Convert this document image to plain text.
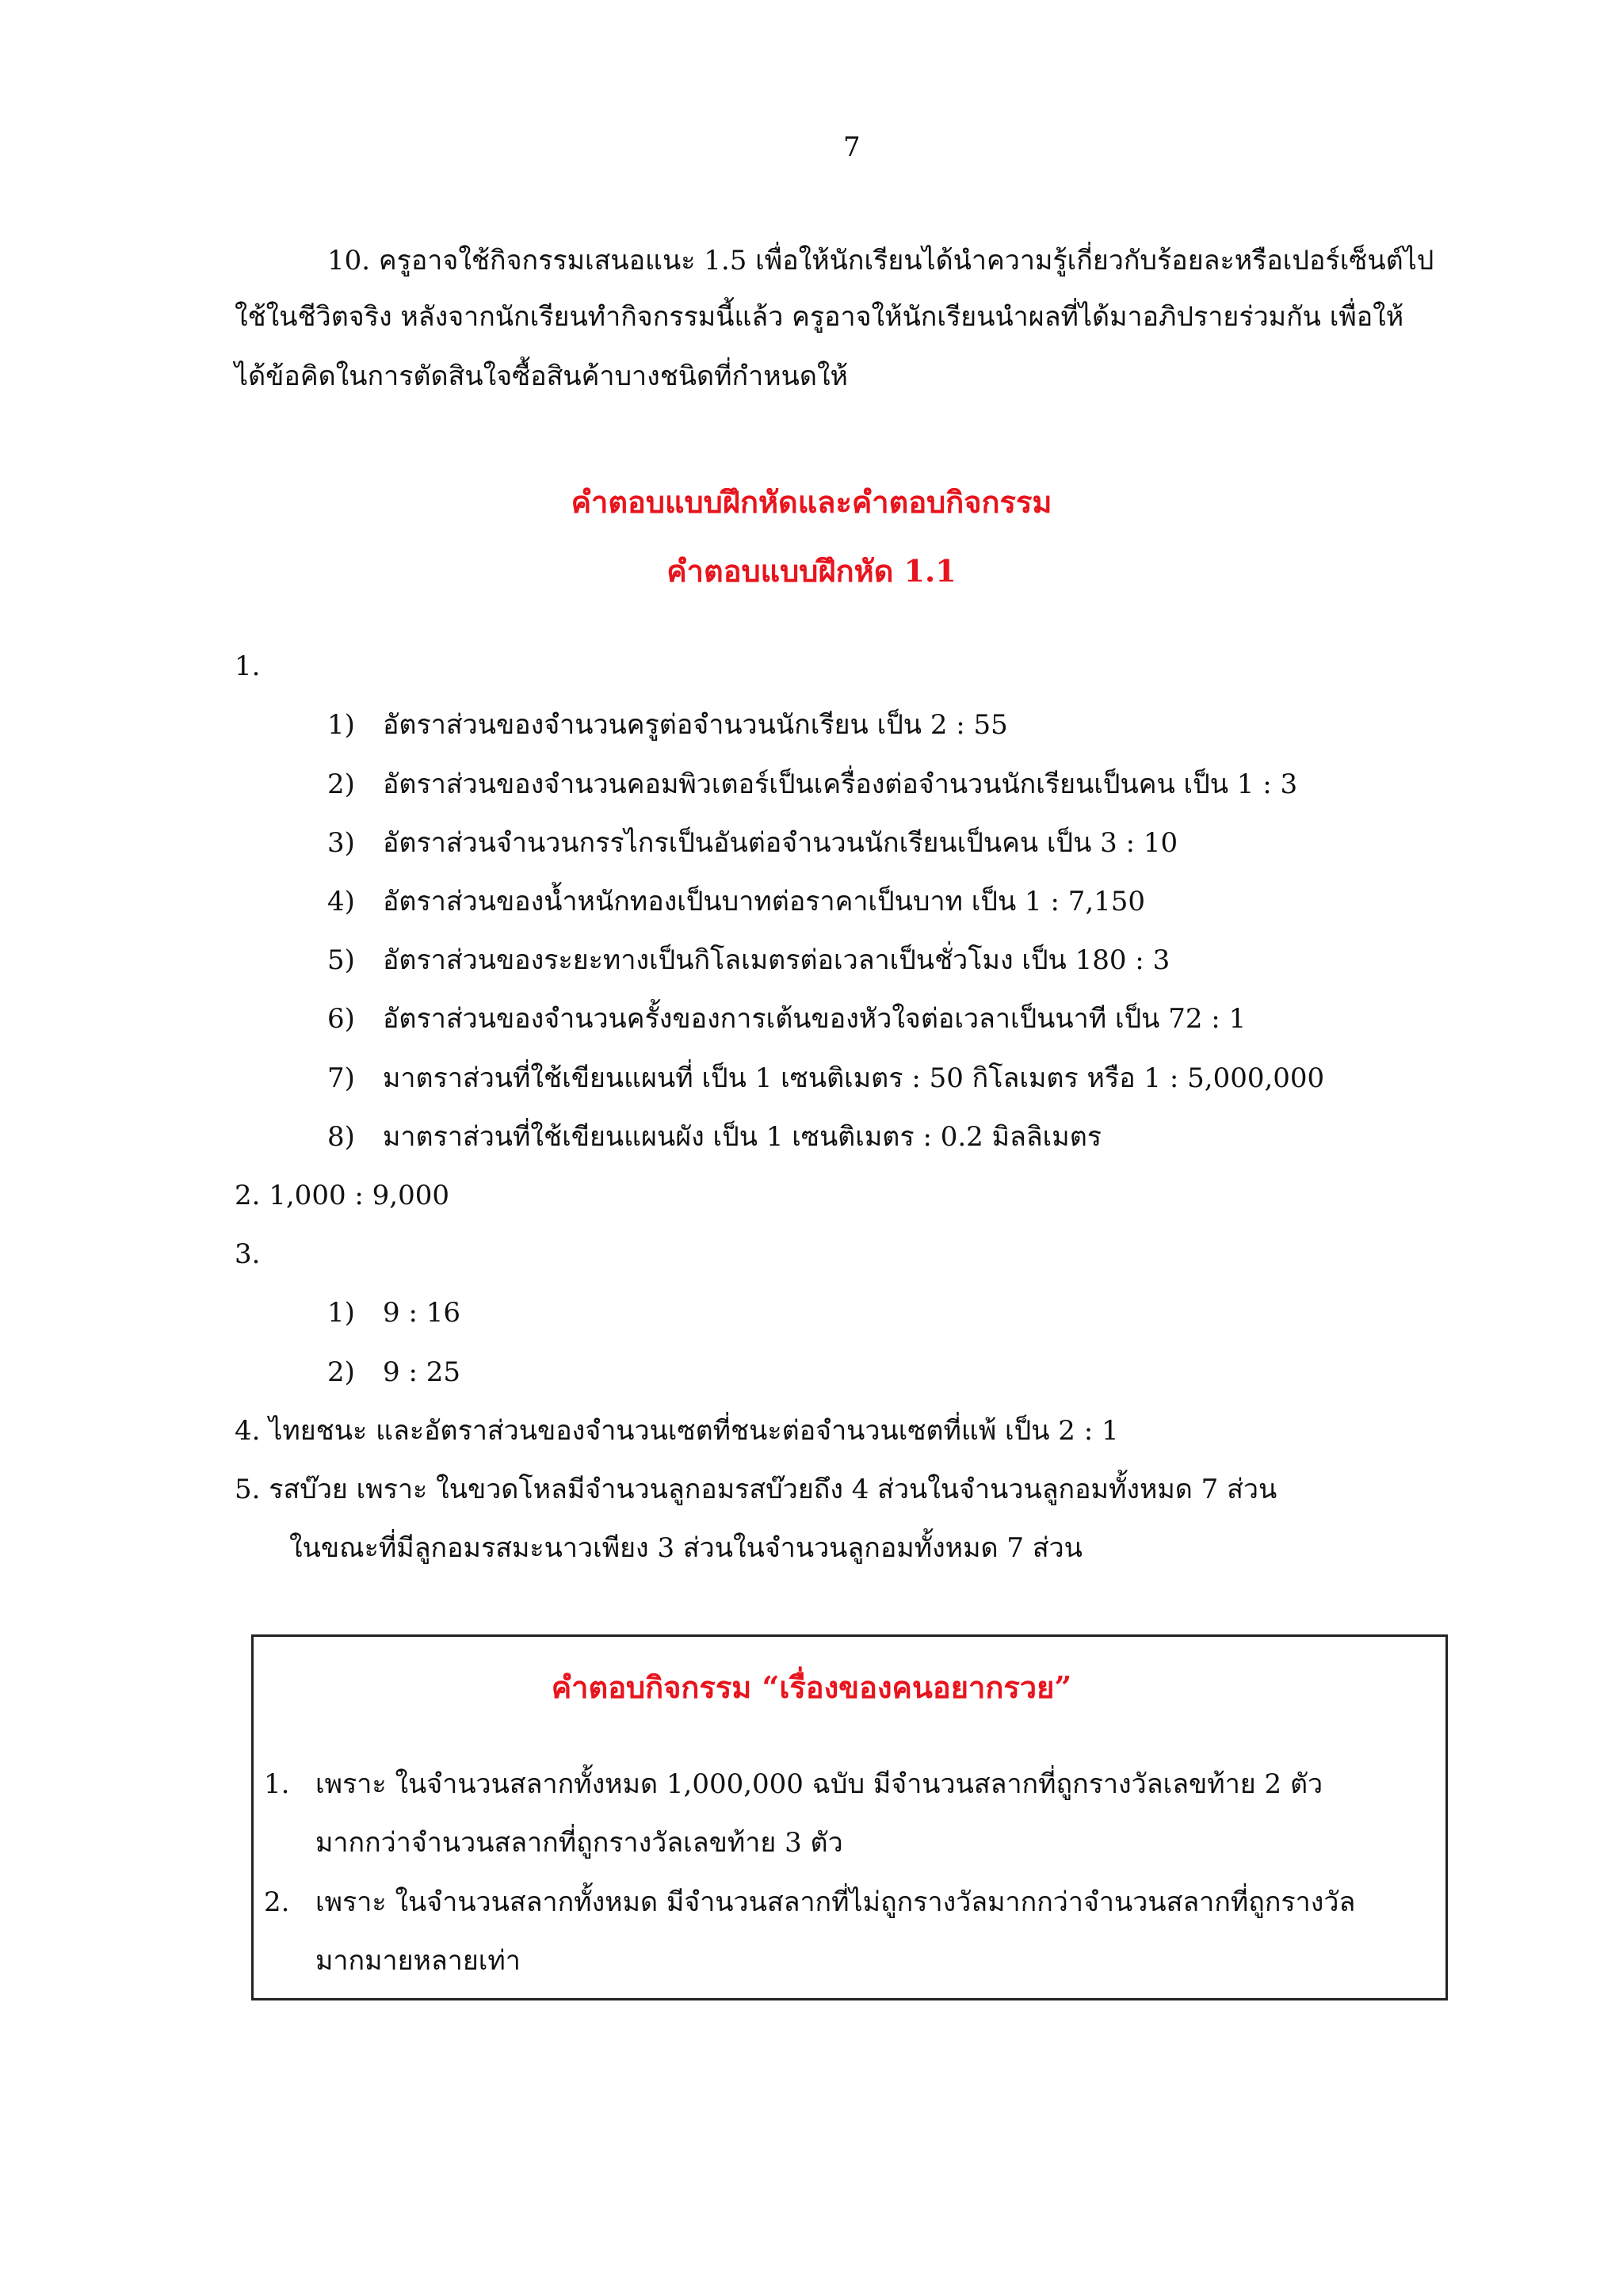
7
10. ครูอาจใช้กิจกรรมเสนอแนะ 1.5 เพื่อให้นักเรียนได้นำความรู้เกี่ยวกับร้อยละหรือเปอร์เซ็นต์ไป
ใช้ในชีวิตจริง หลังจากนักเรียนทำกิจกรรมนี้แล้ว ครูอาจให้นักเรียนนำผลที่ได้มาอภิปรายร่วมกัน เพื่อให้
ได้ข้อคิดในการตัดสินใจซื้อสินค้าบางชนิดที่กำหนดให้
คำตอบแบบฝึกหัดและคำตอบกิจกรรม
คำตอบแบบฝึกหัด 1.1
1.
1) อัตราส่วนของจำนวนครูต่อจำนวนนักเรียน เป็น 2 : 55
2) อัตราส่วนของจำนวนคอมพิวเตอร์เป็นเครื่องต่อจำนวนนักเรียนเป็นคน เป็น 1 : 3
3) อัตราส่วนจำนวนกรรไกรเป็นอันต่อจำนวนนักเรียนเป็นคน เป็น 3 : 10
4) อัตราส่วนของน้ำหนักทองเป็นบาทต่อราคาเป็นบาท เป็น 1 : 7,150
5) อัตราส่วนของระยะทางเป็นกิโลเมตรต่อเวลาเป็นชั่วโมง เป็น 180 : 3
6) อัตราส่วนของจำนวนครั้งของการเต้นของหัวใจต่อเวลาเป็นนาที เป็น 72 : 1
7) มาตราส่วนที่ใช้เขียนแผนที่ เป็น 1 เซนติเมตร : 50 กิโลเมตร หรือ 1 : 5,000,000
8) มาตราส่วนที่ใช้เขียนแผนผัง เป็น 1 เซนติเมตร : 0.2 มิลลิเมตร
2. 1,000 : 9,000
3.
1) 9 : 16
2) 9 : 25
4. ไทยชนะ และอัตราส่วนของจำนวนเซตที่ชนะต่อจำนวนเซตที่แพ้ เป็น 2 : 1
5. รสบ๊วย เพราะ ในขวดโหลมีจำนวนลูกอมรสบ๊วยถึง 4 ส่วนในจำนวนลูกอมทั้งหมด 7 ส่วน
ในขณะที่มีลูกอมรสมะนาวเพียง 3 ส่วนในจำนวนลูกอมทั้งหมด 7 ส่วน
คำตอบกิจกรรม “เรื่องของคนอยากรวย”
1. เพราะ ในจำนวนสลากทั้งหมด 1,000,000 ฉบับ มีจำนวนสลากที่ถูกรางวัลเลขท้าย 2 ตัว
มากกว่าจำนวนสลากที่ถูกรางวัลเลขท้าย 3 ตัว
2. เพราะ ในจำนวนสลากทั้งหมด มีจำนวนสลากที่ไม่ถูกรางวัลมากกว่าจำนวนสลากที่ถูกรางวัล
มากมายหลายเท่า
